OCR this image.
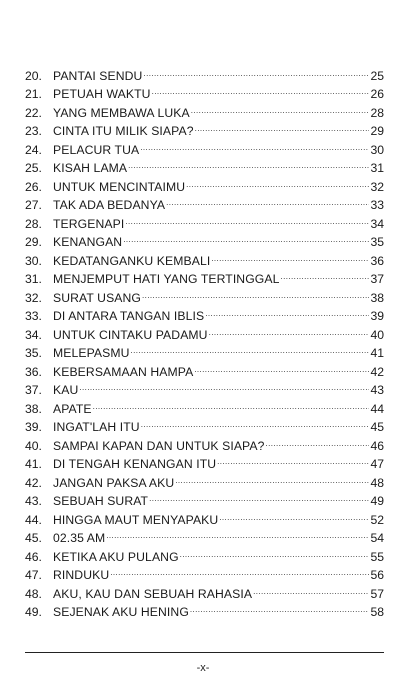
20. PANTAI SENDU .....	25
21. PETUAH WAKTU .....	26
22. YANG MEMBAWA LUKA .....	28
23. CINTA ITU MILIK SIAPA? .....	29
24. PELACUR TUA .....	30
25. KISAH LAMA .....	31
26. UNTUK MENCINTAIMU .....	32
27. TAK ADA BEDANYA .....	33
28. TERGENAPI .....	34
29. KENANGAN .....	35
30. KEDATANGANKU KEMBALI .....	36
31. MENJEMPUT HATI YANG TERTINGGAL .....	37
32. SURAT USANG .....	38
33. DI ANTARA TANGAN IBLIS .....	39
34. UNTUK CINTAKU PADAMU .....	40
35. MELEPASMU .....	41
36. KEBERSAMAAN HAMPA .....	42
37. KAU .....	43
38. APATE .....	44
39. INGAT'LAH ITU .....	45
40. SAMPAI KAPAN DAN UNTUK SIAPA? .....	46
41. DI TENGAH KENANGAN ITU .....	47
42. JANGAN PAKSA AKU .....	48
43. SEBUAH SURAT .....	49
44. HINGGA MAUT MENYAPAKU .....	52
45. 02.35 AM .....	54
46. KETIKA AKU PULANG .....	55
47. RINDUKU .....	56
48. AKU, KAU DAN SEBUAH RAHASIA .....	57
49. SEJENAK AKU HENING .....	58
-x-
